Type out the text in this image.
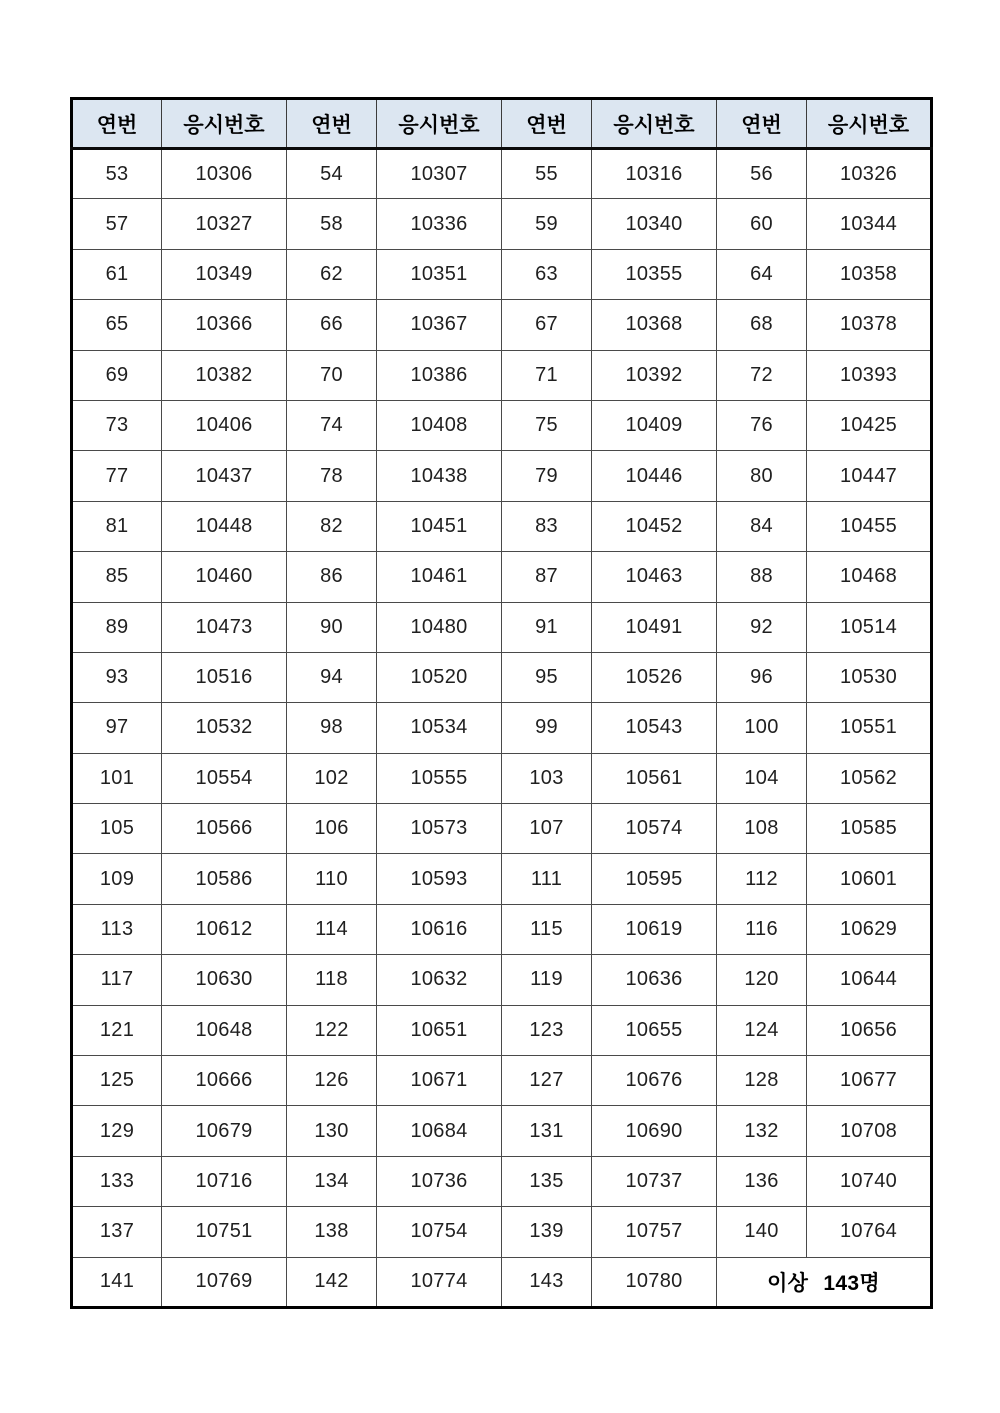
연번	응시번호	연번	응시번호	연번	응시번호	연번	응시번호
53	10306	54	10307	55	10316	56	10326
57	10327	58	10336	59	10340	60	10344
61	10349	62	10351	63	10355	64	10358
65	10366	66	10367	67	10368	68	10378
69	10382	70	10386	71	10392	72	10393
73	10406	74	10408	75	10409	76	10425
77	10437	78	10438	79	10446	80	10447
81	10448	82	10451	83	10452	84	10455
85	10460	86	10461	87	10463	88	10468
89	10473	90	10480	91	10491	92	10514
93	10516	94	10520	95	10526	96	10530
97	10532	98	10534	99	10543	100	10551
101	10554	102	10555	103	10561	104	10562
105	10566	106	10573	107	10574	108	10585
109	10586	110	10593	111	10595	112	10601
113	10612	114	10616	115	10619	116	10629
117	10630	118	10632	119	10636	120	10644
121	10648	122	10651	123	10655	124	10656
125	10666	126	10671	127	10676	128	10677
129	10679	130	10684	131	10690	132	10708
133	10716	134	10736	135	10737	136	10740
137	10751	138	10754	139	10757	140	10764
141	10769	142	10774	143	10780	이상 143명	
